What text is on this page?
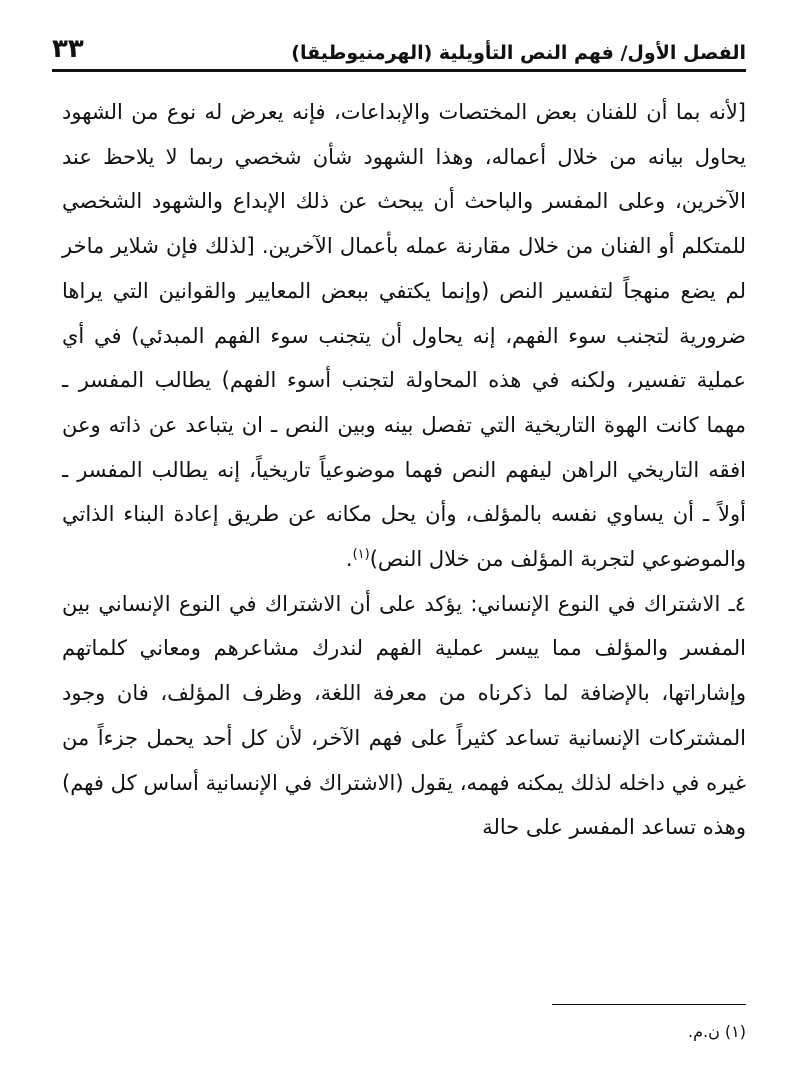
الفصل الأول/ فهم النص التأويلية (الهرمنيوطيقا)
٣٣

[لأنه بما أن للفنان بعض المختصات والإبداعات، فإنه يعرض له نوع من الشهود يحاول بيانه من خلال أعماله، وهذا الشهود شأن شخصي ربما لا يلاحظ عند الآخرين، وعلى المفسر والباحث أن يبحث عن ذلك الإبداع والشهود الشخصي للمتكلم أو الفنان من خلال مقارنة عمله بأعمال الآخرين. [لذلك فإن شلاير ماخر لم يضع منهجاً لتفسير النص (وإنما يكتفي ببعض المعايير والقوانين التي يراها ضرورية لتجنب سوء الفهم، إنه يحاول أن يتجنب سوء الفهم المبدئي) في أي عملية تفسير، ولكنه في هذه المحاولة لتجنب أسوء الفهم) يطالب المفسر ـ مهما كانت الهوة التاريخية التي تفصل بينه وبين النص ـ ان يتباعد عن ذاته وعن افقه التاريخي الراهن ليفهم النص فهما موضوعياً تاريخياً، إنه يطالب المفسر ـ أولاً ـ أن يساوي نفسه بالمؤلف، وأن يحل مكانه عن طريق إعادة البناء الذاتي والموضوعي لتجربة المؤلف من خلال النص)$^{(١)}$.

٤ـ الاشتراك في النوع الإنساني: يؤكد على أن الاشتراك في النوع الإنساني بين المفسر والمؤلف مما ييسر عملية الفهم لندرك مشاعرهم ومعاني كلماتهم وإشاراتها، بالإضافة لما ذكرناه من معرفة اللغة، وظرف المؤلف، فان وجود المشتركات الإنسانية تساعد كثيراً على فهم الآخر، لأن كل أحد يحمل جزءاً من غيره في داخله لذلك يمكنه فهمه، يقول (الاشتراك في الإنسانية أساس كل فهم) وهذه تساعد المفسر على حالة

(١) ن.م.
